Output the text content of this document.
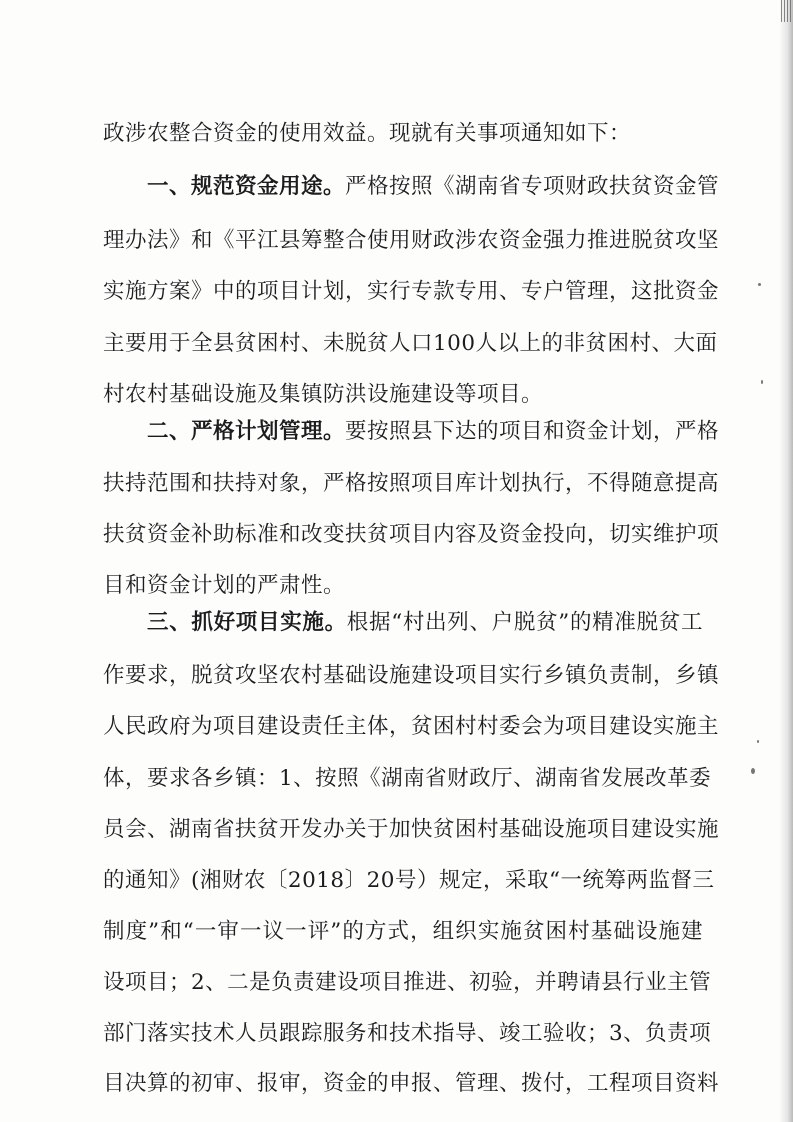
政涉农整合资金的使用效益。现就有关事项通知如下：
一、规范资金用途。严格按照《湖南省专项财政扶贫资金管
理办法》和《平江县筹整合使用财政涉农资金强力推进脱贫攻坚
实施方案》中的项目计划，实行专款专用、专户管理，这批资金
主要用于全县贫困村、未脱贫人口100人以上的非贫困村、大面
村农村基础设施及集镇防洪设施建设等项目。
二、严格计划管理。要按照县下达的项目和资金计划，严格
扶持范围和扶持对象，严格按照项目库计划执行，不得随意提高
扶贫资金补助标准和改变扶贫项目内容及资金投向，切实维护项
目和资金计划的严肃性。
三、抓好项目实施。根据“村出列、户脱贫”的精准脱贫工
作要求，脱贫攻坚农村基础设施建设项目实行乡镇负责制，乡镇
人民政府为项目建设责任主体，贫困村村委会为项目建设实施主
体，要求各乡镇：1、按照《湖南省财政厅、湖南省发展改革委
员会、湖南省扶贫开发办关于加快贫困村基础设施项目建设实施
的通知》(湘财农〔2018〕20号）规定，采取“一统筹两监督三
制度”和“一审一议一评”的方式，组织实施贫困村基础设施建
设项目；2、二是负责建设项目推进、初验，并聘请县行业主管
部门落实技术人员跟踪服务和技术指导、竣工验收；3、负责项
目决算的初审、报审，资金的申报、管理、拨付，工程项目资料
